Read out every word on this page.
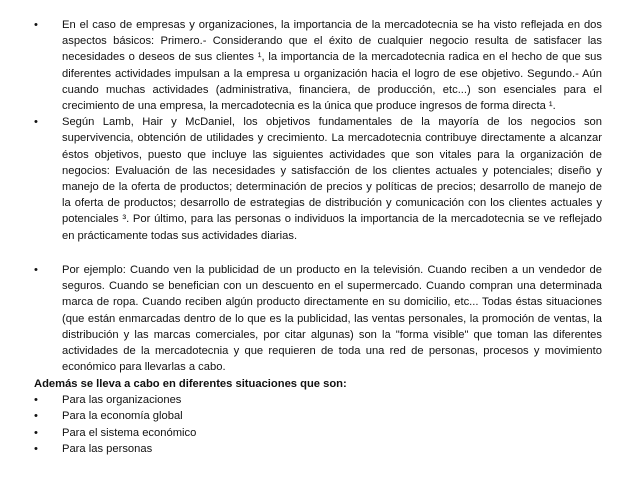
•	En el caso de empresas y organizaciones, la importancia de la mercadotecnia se ha visto reflejada en dos aspectos básicos: Primero.- Considerando que el éxito de cualquier negocio resulta de satisfacer las necesidades o deseos de sus clientes ¹, la importancia de la mercadotecnia radica en el hecho de que sus diferentes actividades impulsan a la empresa u organización hacia el logro de ese objetivo. Segundo.- Aún cuando muchas actividades (administrativa, financiera, de producción, etc...) son esenciales para el crecimiento de una empresa, la mercadotecnia es la única que produce ingresos de forma directa ¹.
•	Según Lamb, Hair y McDaniel, los objetivos fundamentales de la mayoría de los negocios son supervivencia, obtención de utilidades y crecimiento. La mercadotecnia contribuye directamente a alcanzar éstos objetivos, puesto que incluye las siguientes actividades que son vitales para la organización de negocios: Evaluación de las necesidades y satisfacción de los clientes actuales y potenciales; diseño y manejo de la oferta de productos; determinación de precios y políticas de precios; desarrollo de manejo de la oferta de productos; desarrollo de estrategias de distribución y comunicación con los clientes actuales y potenciales ³. Por último, para las personas o individuos la importancia de la mercadotecnia se ve reflejado en prácticamente todas sus actividades diarias.
•	Por ejemplo: Cuando ven la publicidad de un producto en la televisión. Cuando reciben a un vendedor de seguros. Cuando se benefician con un descuento en el supermercado. Cuando compran una determinada marca de ropa. Cuando reciben algún producto directamente en su domicilio, etc... Todas éstas situaciones (que están enmarcadas dentro de lo que es la publicidad, las ventas personales, la promoción de ventas, la distribución y las marcas comerciales, por citar algunas) son la "forma visible" que toman las diferentes actividades de la mercadotecnia y que requieren de toda una red de personas, procesos y movimiento económico para llevarlas a cabo.
Además se lleva a cabo en diferentes situaciones que son:
•	Para las organizaciones
•	Para la economía global
•	Para el sistema económico
•	Para las personas
